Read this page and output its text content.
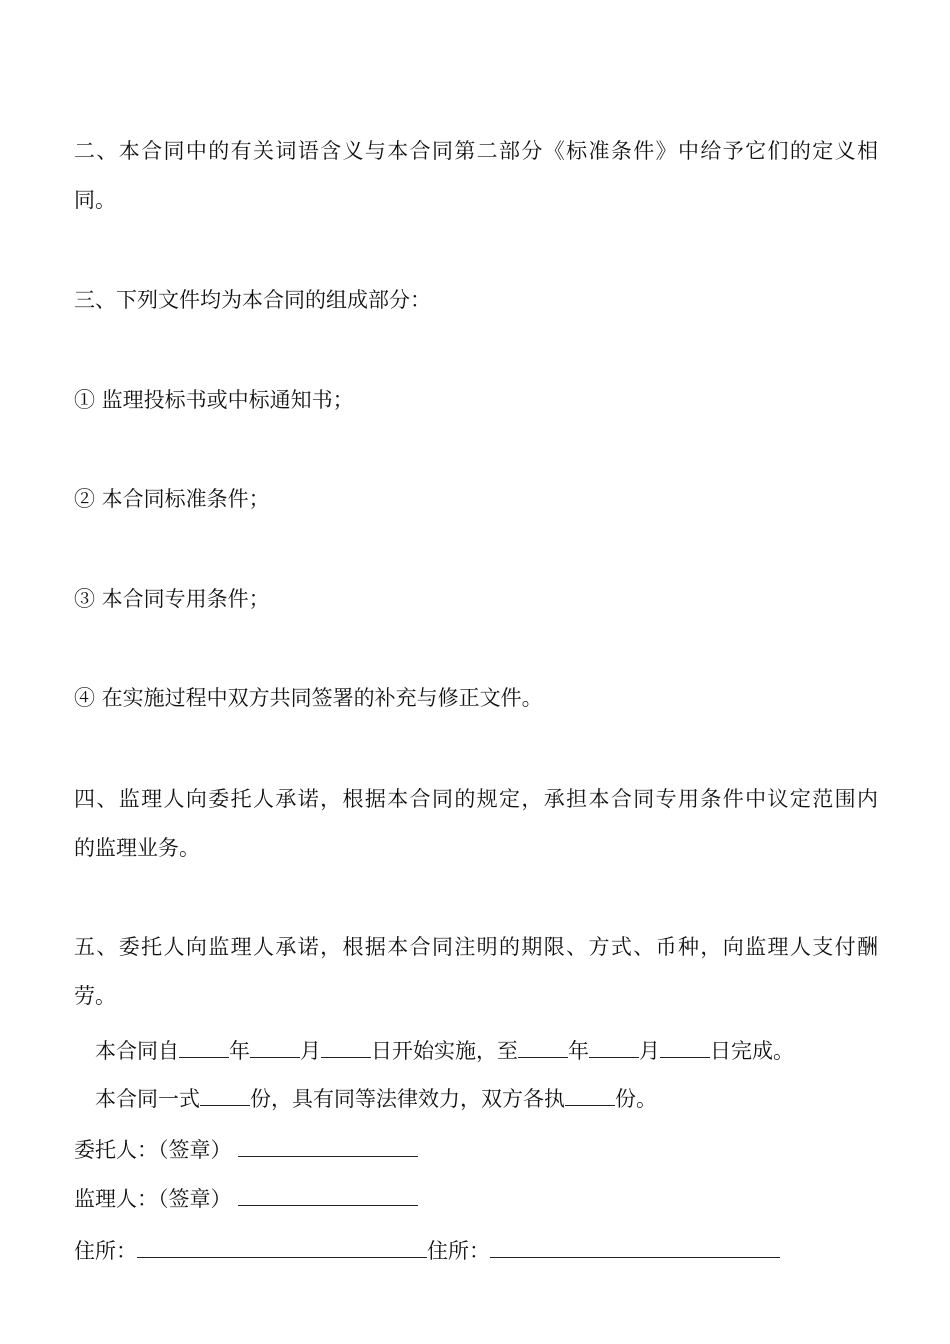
二、本合同中的有关词语含义与本合同第二部分《标准条件》中给予它们的定义相
同。
三、下列文件均为本合同的组成部分：
① 监理投标书或中标通知书；
② 本合同标准条件；
③ 本合同专用条件；
④ 在实施过程中双方共同签署的补充与修正文件。
四、监理人向委托人承诺，根据本合同的规定，承担本合同专用条件中议定范围内
的监理业务。
五、委托人向监理人承诺，根据本合同注明的期限、方式、币种，向监理人支付酬
劳。
本合同自 年 月 日开始实施，至 年 月 日完成。
本合同一式 份，具有同等法律效力，双方各执 份。
委托人：（签章）
监理人：（签章）
住所：	住所：
